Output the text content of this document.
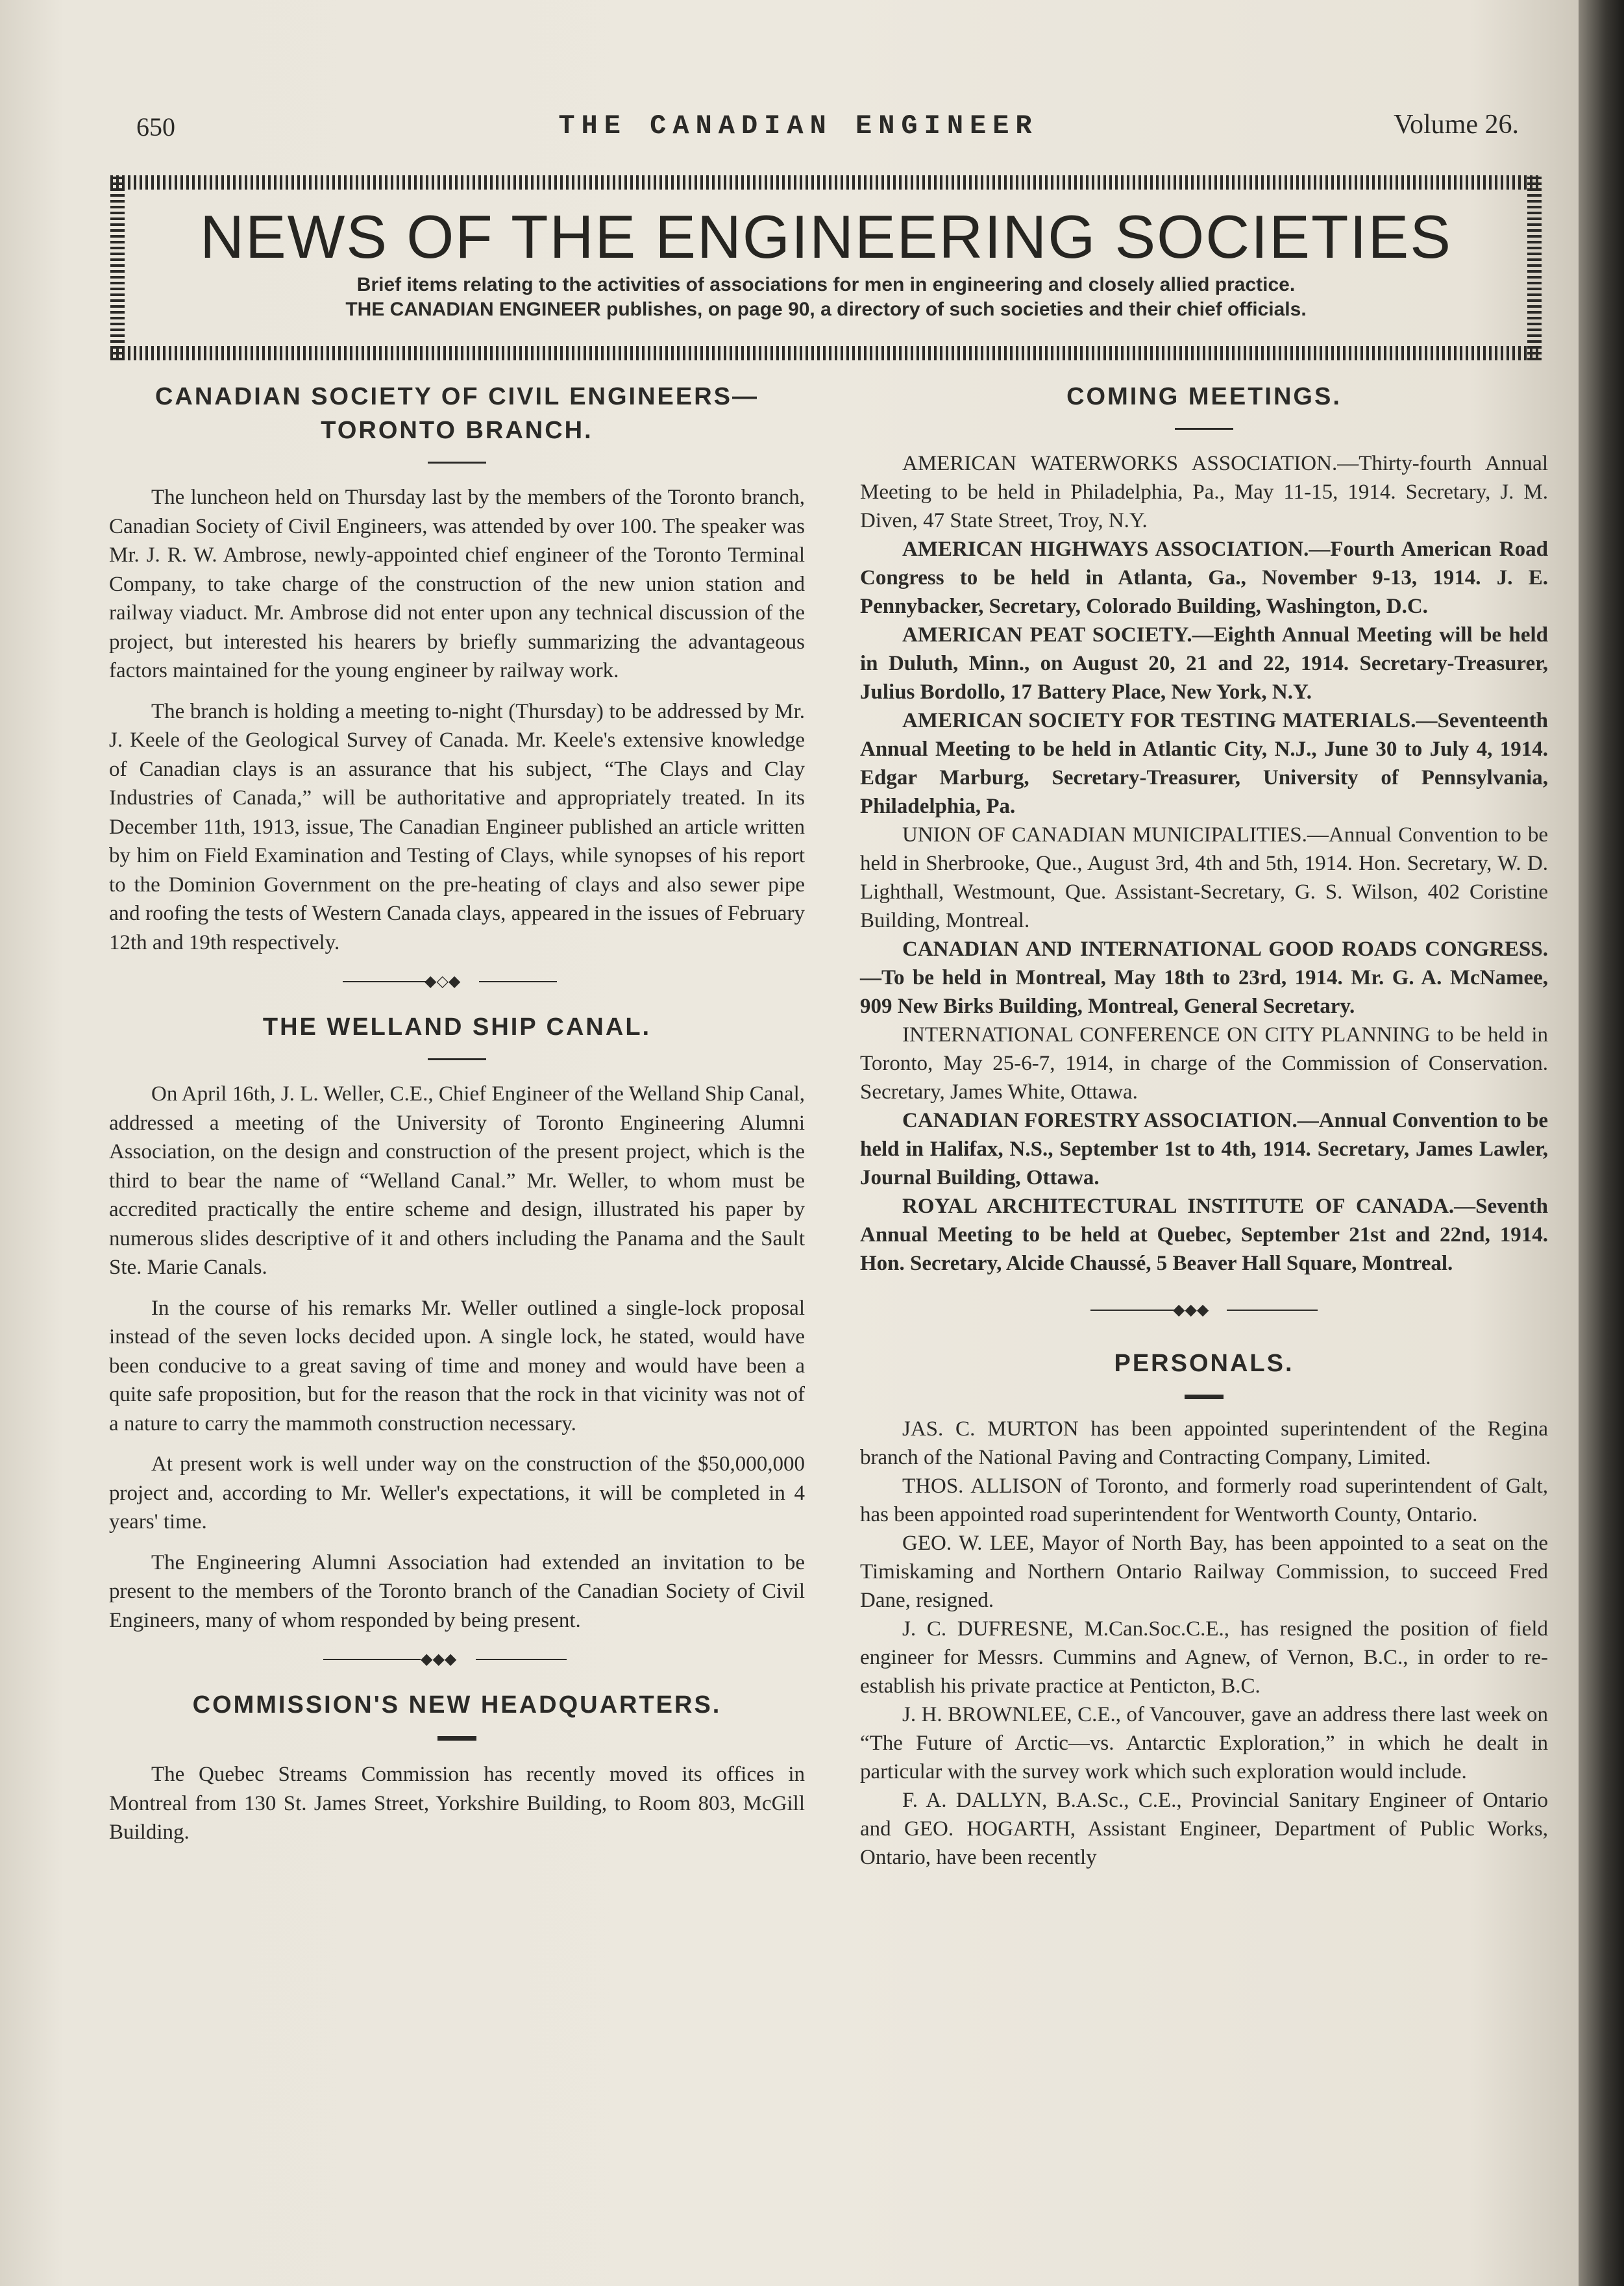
650	THE CANADIAN ENGINEER	Volume 26.
NEWS OF THE ENGINEERING SOCIETIES
Brief items relating to the activities of associations for men in engineering and closely allied practice.
THE CANADIAN ENGINEER publishes, on page 90, a directory of such societies and their chief officials.
CANADIAN SOCIETY OF CIVIL ENGINEERS—
TORONTO BRANCH.

The luncheon held on Thursday last by the members of the Toronto branch, Canadian Society of Civil Engineers, was attended by over 100. The speaker was Mr. J. R. W. Ambrose, newly-appointed chief engineer of the Toronto Terminal Company, to take charge of the construction of the new union station and railway viaduct. Mr. Ambrose did not enter upon any technical discussion of the project, but interested his hearers by briefly summarizing the advantageous factors maintained for the young engineer by railway work.

The branch is holding a meeting to-night (Thursday) to be addressed by Mr. J. Keele of the Geological Survey of Canada. Mr. Keele's extensive knowledge of Canadian clays is an assurance that his subject, “The Clays and Clay Industries of Canada,” will be authoritative and appropriately treated. In its December 11th, 1913, issue, The Canadian Engineer published an article written by him on Field Examination and Testing of Clays, while synopses of his report to the Dominion Government on the pre-heating of clays and also sewer pipe and roofing the tests of Western Canada clays, appeared in the issues of February 12th and 19th respectively.

◆◇◆
THE WELLAND SHIP CANAL.

On April 16th, J. L. Weller, C.E., Chief Engineer of the Welland Ship Canal, addressed a meeting of the University of Toronto Engineering Alumni Association, on the design and construction of the present project, which is the third to bear the name of “Welland Canal.” Mr. Weller, to whom must be accredited practically the entire scheme and design, illustrated his paper by numerous slides descriptive of it and others including the Panama and the Sault Ste. Marie Canals.

In the course of his remarks Mr. Weller outlined a single-lock proposal instead of the seven locks decided upon. A single lock, he stated, would have been conducive to a great saving of time and money and would have been a quite safe proposition, but for the reason that the rock in that vicinity was not of a nature to carry the mammoth construction necessary.

At present work is well under way on the construction of the $50,000,000 project and, according to Mr. Weller's expectations, it will be completed in 4 years' time.

The Engineering Alumni Association had extended an invitation to be present to the members of the Toronto branch of the Canadian Society of Civil Engineers, many of whom responded by being present.

◆◆◆
COMMISSION'S NEW HEADQUARTERS.

The Quebec Streams Commission has recently moved its offices in Montreal from 130 St. James Street, Yorkshire Building, to Room 803, McGill Building.

COMING MEETINGS.

AMERICAN WATERWORKS ASSOCIATION.—Thirty-fourth Annual Meeting to be held in Philadelphia, Pa., May 11-15, 1914. Secretary, J. M. Diven, 47 State Street, Troy, N.Y.

AMERICAN HIGHWAYS ASSOCIATION.—Fourth American Road Congress to be held in Atlanta, Ga., November 9-13, 1914. J. E. Pennybacker, Secretary, Colorado Building, Washington, D.C.

AMERICAN PEAT SOCIETY.—Eighth Annual Meeting will be held in Duluth, Minn., on August 20, 21 and 22, 1914. Secretary-Treasurer, Julius Bordollo, 17 Battery Place, New York, N.Y.

AMERICAN SOCIETY FOR TESTING MATERIALS.—Seventeenth Annual Meeting to be held in Atlantic City, N.J., June 30 to July 4, 1914. Edgar Marburg, Secretary-Treasurer, University of Pennsylvania, Philadelphia, Pa.

UNION OF CANADIAN MUNICIPALITIES.—Annual Convention to be held in Sherbrooke, Que., August 3rd, 4th and 5th, 1914. Hon. Secretary, W. D. Lighthall, Westmount, Que. Assistant-Secretary, G. S. Wilson, 402 Coristine Building, Montreal.

CANADIAN AND INTERNATIONAL GOOD ROADS CONGRESS.—To be held in Montreal, May 18th to 23rd, 1914. Mr. G. A. McNamee, 909 New Birks Building, Montreal, General Secretary.

INTERNATIONAL CONFERENCE ON CITY PLANNING to be held in Toronto, May 25-6-7, 1914, in charge of the Commission of Conservation. Secretary, James White, Ottawa.

CANADIAN FORESTRY ASSOCIATION.—Annual Convention to be held in Halifax, N.S., September 1st to 4th, 1914. Secretary, James Lawler, Journal Building, Ottawa.

ROYAL ARCHITECTURAL INSTITUTE OF CANADA.—Seventh Annual Meeting to be held at Quebec, September 21st and 22nd, 1914. Hon. Secretary, Alcide Chaussé, 5 Beaver Hall Square, Montreal.

◆◆◆
PERSONALS.

JAS. C. MURTON has been appointed superintendent of the Regina branch of the National Paving and Contracting Company, Limited.

THOS. ALLISON of Toronto, and formerly road superintendent of Galt, has been appointed road superintendent for Wentworth County, Ontario.

GEO. W. LEE, Mayor of North Bay, has been appointed to a seat on the Timiskaming and Northern Ontario Railway Commission, to succeed Fred Dane, resigned.

J. C. DUFRESNE, M.Can.Soc.C.E., has resigned the position of field engineer for Messrs. Cummins and Agnew, of Vernon, B.C., in order to re-establish his private practice at Penticton, B.C.

J. H. BROWNLEE, C.E., of Vancouver, gave an address there last week on “The Future of Arctic—vs. Antarctic Exploration,” in which he dealt in particular with the survey work which such exploration would include.

F. A. DALLYN, B.A.Sc., C.E., Provincial Sanitary Engineer of Ontario and GEO. HOGARTH, Assistant Engineer, Department of Public Works, Ontario, have been recently
